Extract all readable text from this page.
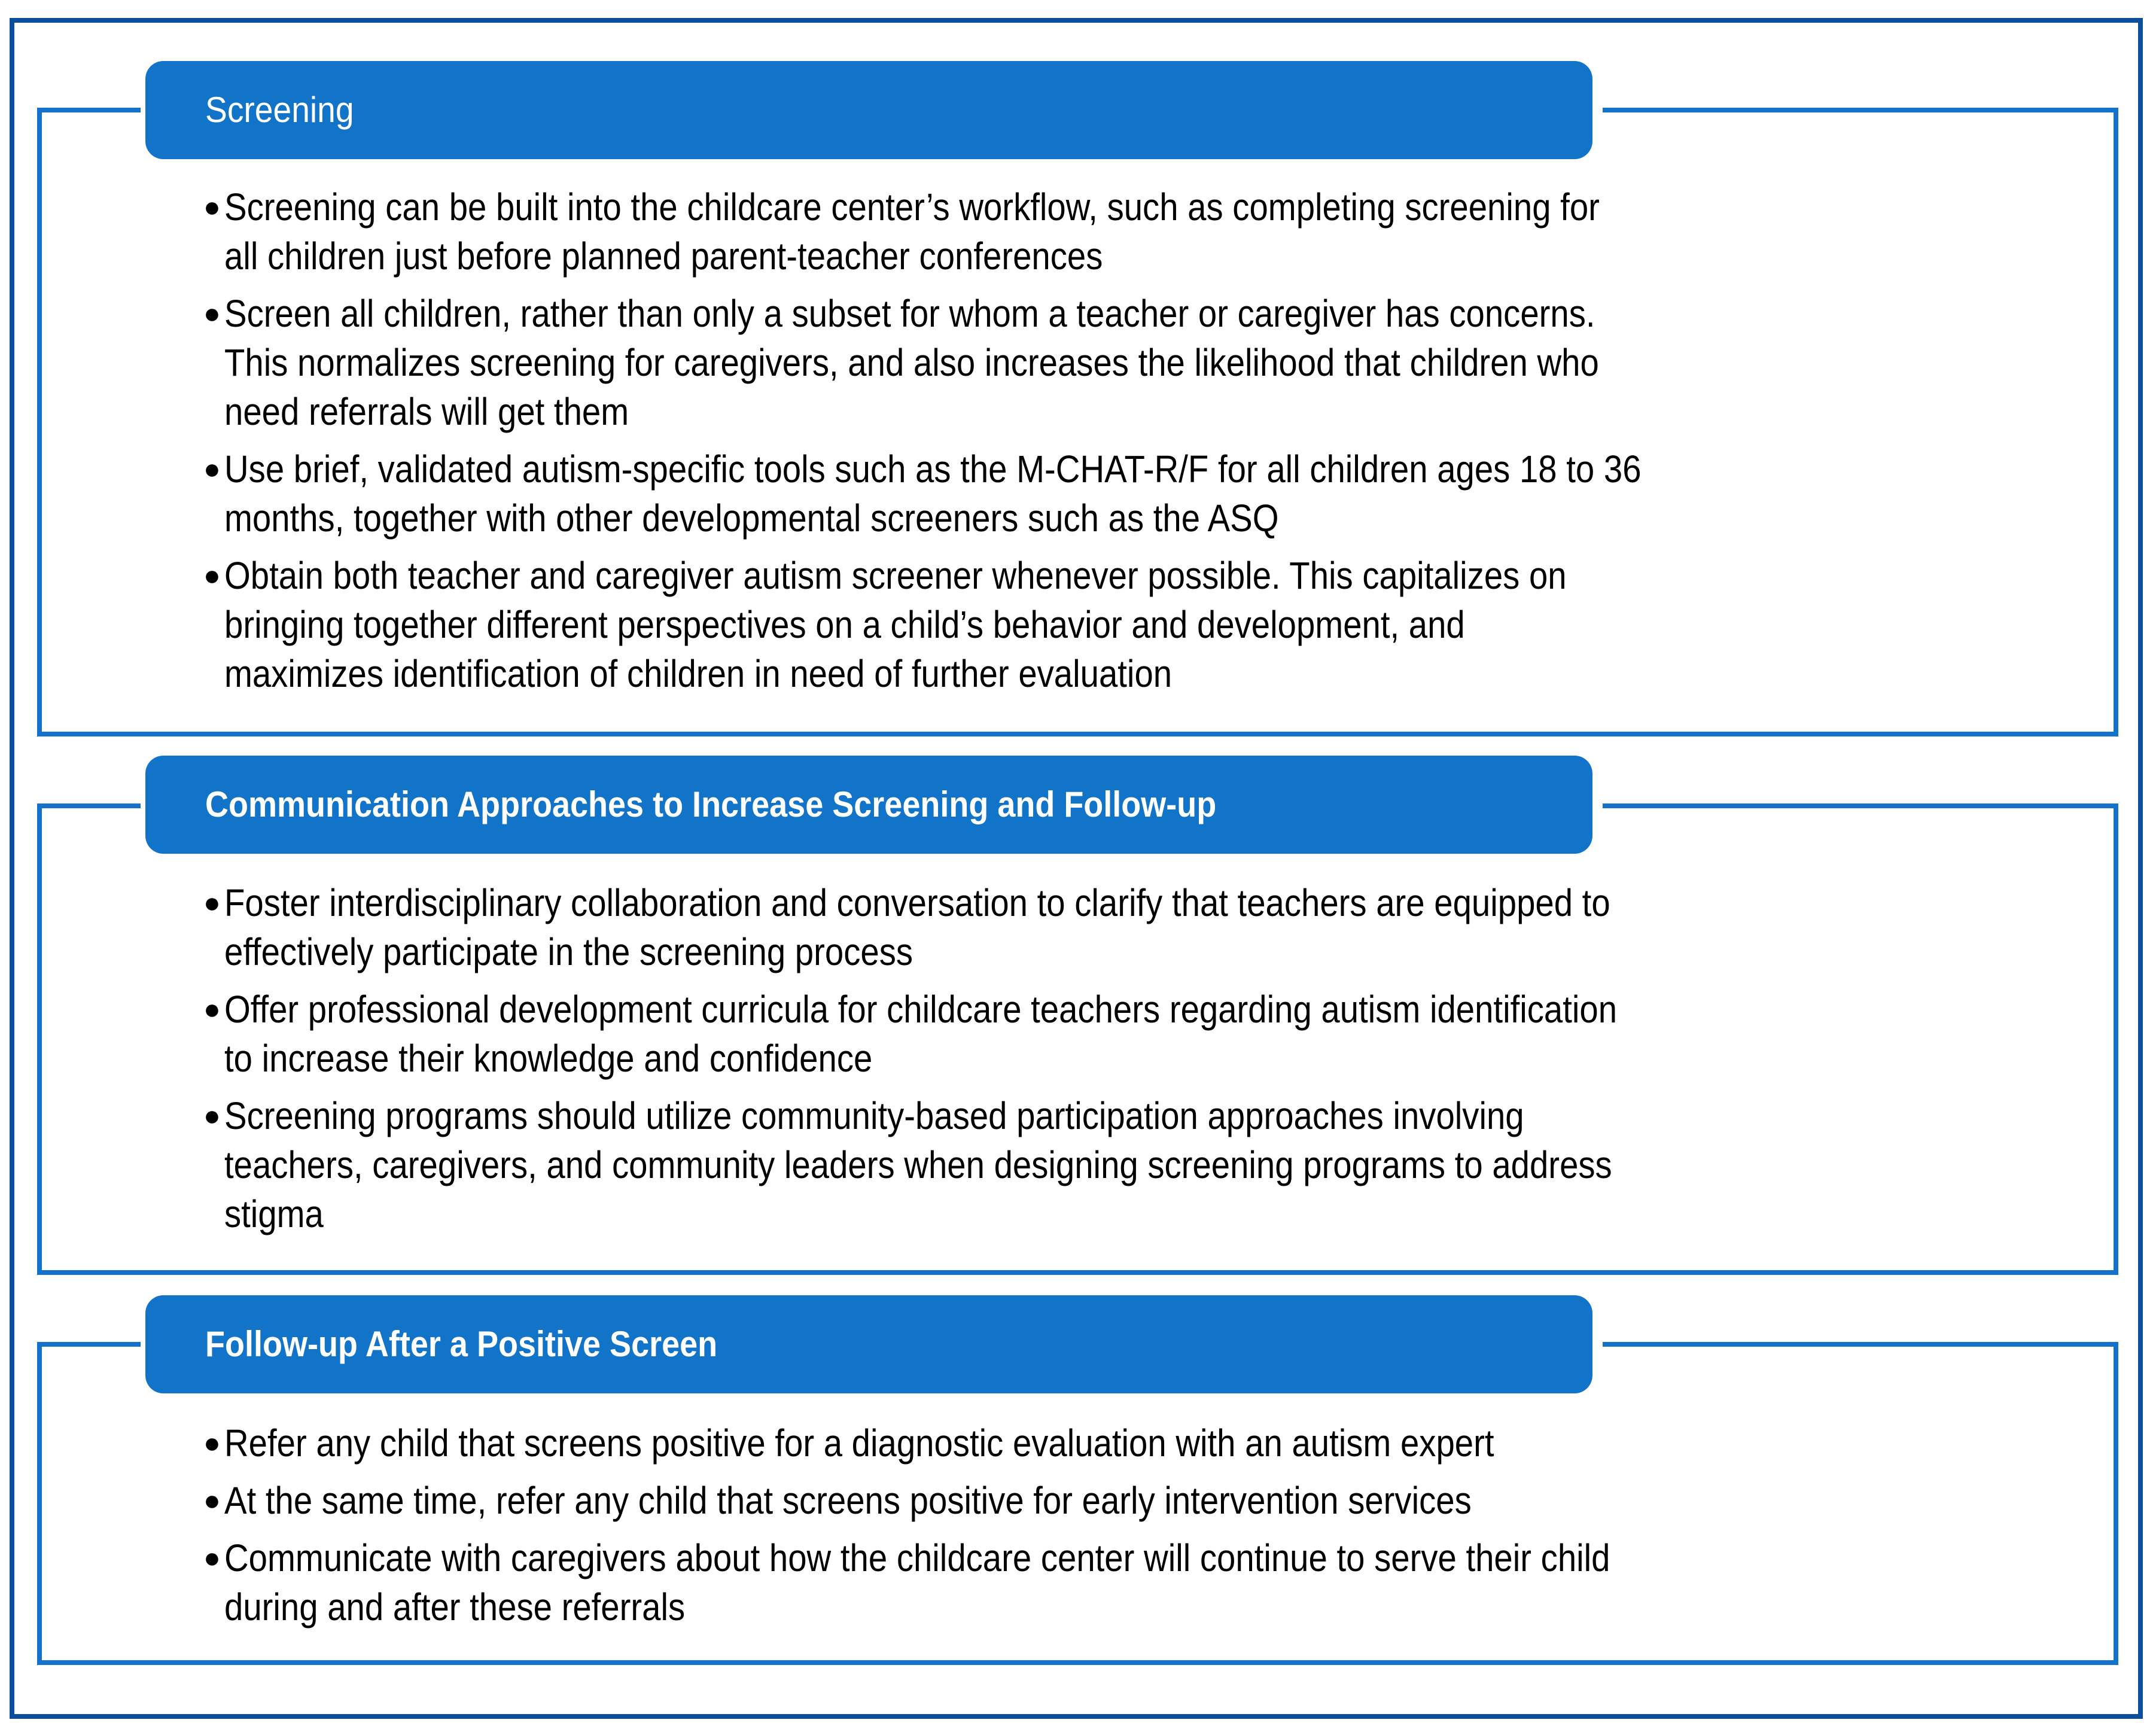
Screening
Communication Approaches to Increase Screening and Follow-up
Follow-up After a Positive Screen
● Screening can be built into the childcare center’s workflow, such as completing screening for
all children just before planned parent-teacher conferences
● Screen all children, rather than only a subset for whom a teacher or caregiver has concerns.
This normalizes screening for caregivers, and also increases the likelihood that children who
need referrals will get them
● Use brief, validated autism-specific tools such as the M-CHAT-R/F for all children ages 18 to 36
months, together with other developmental screeners such as the ASQ
● Obtain both teacher and caregiver autism screener whenever possible. This capitalizes on
bringing together different perspectives on a child’s behavior and development, and
maximizes identification of children in need of further evaluation
● Foster interdisciplinary collaboration and conversation to clarify that teachers are equipped to
effectively participate in the screening process
● Offer professional development curricula for childcare teachers regarding autism identification
to increase their knowledge and confidence
● Screening programs should utilize community-based participation approaches involving
teachers, caregivers, and community leaders when designing screening programs to address
stigma
● Refer any child that screens positive for a diagnostic evaluation with an autism expert
● At the same time, refer any child that screens positive for early intervention services
● Communicate with caregivers about how the childcare center will continue to serve their child
during and after these referrals
